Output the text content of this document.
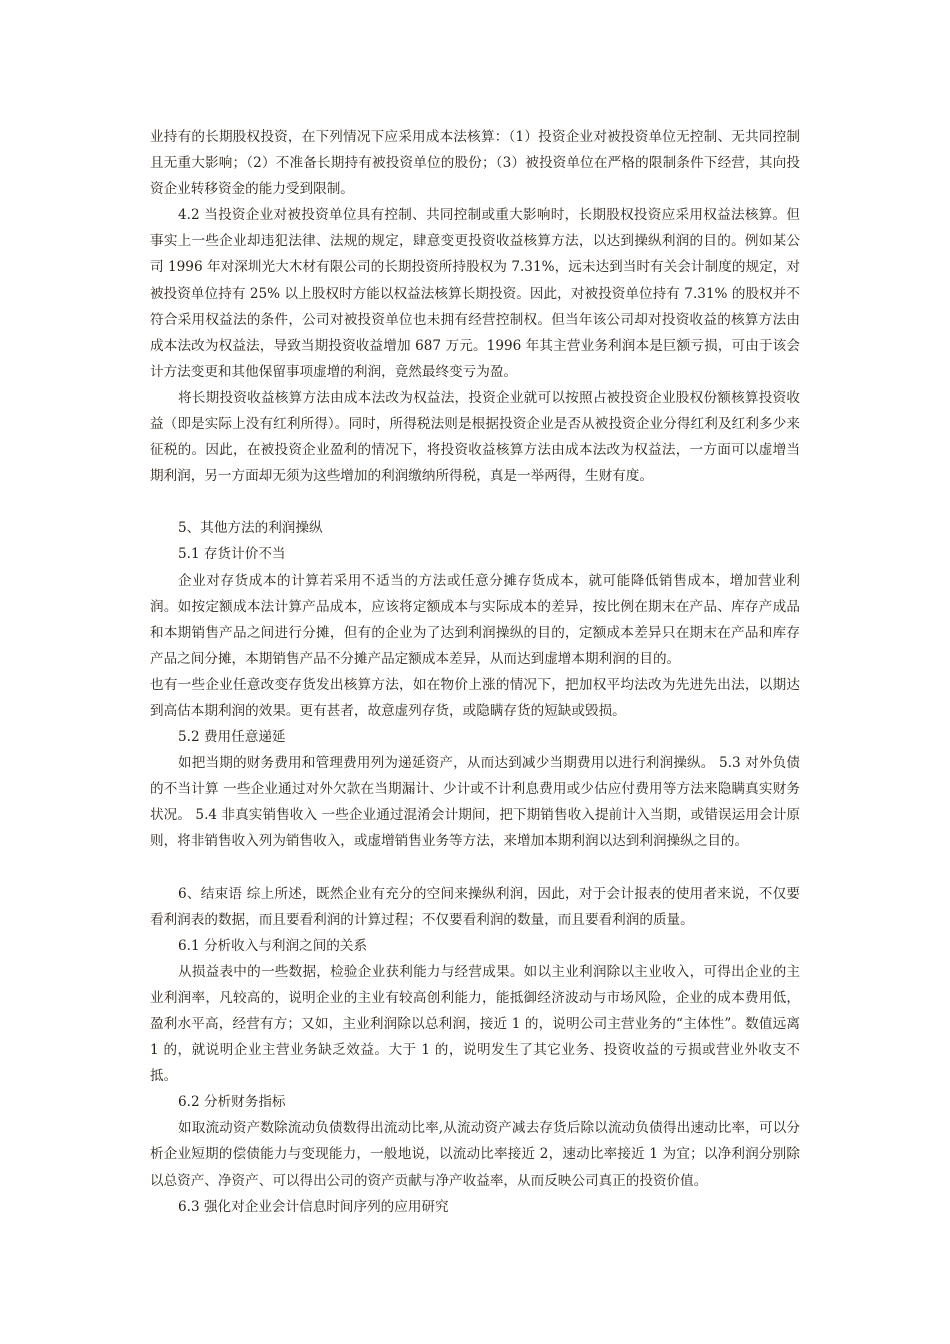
业持有的长期股权投资，在下列情况下应采用成本法核算：（1）投资企业对被投资单位无控制、无共同控制且无重大影响；（2）不准备长期持有被投资单位的股份；（3）被投资单位在严格的限制条件下经营，其向投资企业转移资金的能力受到限制。

4.2 当投资企业对被投资单位具有控制、共同控制或重大影响时，长期股权投资应采用权益法核算。但事实上一些企业却违犯法律、法规的规定，肆意变更投资收益核算方法，以达到操纵利润的目的。例如某公司 1996 年对深圳光大木材有限公司的长期投资所持股权为 7.31%，远未达到当时有关会计制度的规定，对被投资单位持有 25% 以上股权时方能以权益法核算长期投资。因此，对被投资单位持有 7.31% 的股权并不符合采用权益法的条件，公司对被投资单位也未拥有经营控制权。但当年该公司却对投资收益的核算方法由成本法改为权益法，导致当期投资收益增加 687 万元。1996 年其主营业务利润本是巨额亏损，可由于该会计方法变更和其他保留事项虚增的利润，竟然最终变亏为盈。

将长期投资收益核算方法由成本法改为权益法，投资企业就可以按照占被投资企业股权份额核算投资收益（即是实际上没有红利所得）。同时，所得税法则是根据投资企业是否从被投资企业分得红利及红利多少来征税的。因此，在被投资企业盈利的情况下，将投资收益核算方法由成本法改为权益法，一方面可以虚增当期利润，另一方面却无须为这些增加的利润缴纳所得税，真是一举两得，生财有度。

5、其他方法的利润操纵

5.1 存货计价不当

企业对存货成本的计算若采用不适当的方法或任意分摊存货成本，就可能降低销售成本，增加营业利润。如按定额成本法计算产品成本，应该将定额成本与实际成本的差异，按比例在期末在产品、库存产成品和本期销售产品之间进行分摊，但有的企业为了达到利润操纵的目的，定额成本差异只在期末在产品和库存产品之间分摊，本期销售产品不分摊产品定额成本差异，从而达到虚增本期利润的目的。

也有一些企业任意改变存货发出核算方法，如在物价上涨的情况下，把加权平均法改为先进先出法，以期达到高估本期利润的效果。更有甚者，故意虚列存货，或隐瞒存货的短缺或毁损。

5.2 费用任意递延

如把当期的财务费用和管理费用列为递延资产，从而达到减少当期费用以进行利润操纵。 5.3 对外负债的不当计算 一些企业通过对外欠款在当期漏计、少计或不计利息费用或少估应付费用等方法来隐瞒真实财务状况。 5.4 非真实销售收入 一些企业通过混淆会计期间，把下期销售收入提前计入当期，或错误运用会计原则，将非销售收入列为销售收入，或虚增销售业务等方法，来增加本期利润以达到利润操纵之目的。

6、结束语 综上所述，既然企业有充分的空间来操纵利润，因此，对于会计报表的使用者来说，不仅要看利润表的数据，而且要看利润的计算过程；不仅要看利润的数量，而且要看利润的质量。

6.1 分析收入与利润之间的关系

从损益表中的一些数据，检验企业获利能力与经营成果。如以主业利润除以主业收入，可得出企业的主业利润率，凡较高的，说明企业的主业有较高创利能力，能抵御经济波动与市场风险，企业的成本费用低，盈利水平高，经营有方；又如，主业利润除以总利润，接近 1 的，说明公司主营业务的“主体性”。数值远离 1 的，就说明企业主营业务缺乏效益。大于 1 的，说明发生了其它业务、投资收益的亏损或营业外收支不抵。

6.2 分析财务指标

如取流动资产数除流动负债数得出流动比率,从流动资产减去存货后除以流动负债得出速动比率，可以分析企业短期的偿债能力与变现能力，一般地说，以流动比率接近 2，速动比率接近 1 为宜；以净利润分别除以总资产、净资产、可以得出公司的资产贡献与净产收益率，从而反映公司真正的投资价值。

6.3 强化对企业会计信息时间序列的应用研究
